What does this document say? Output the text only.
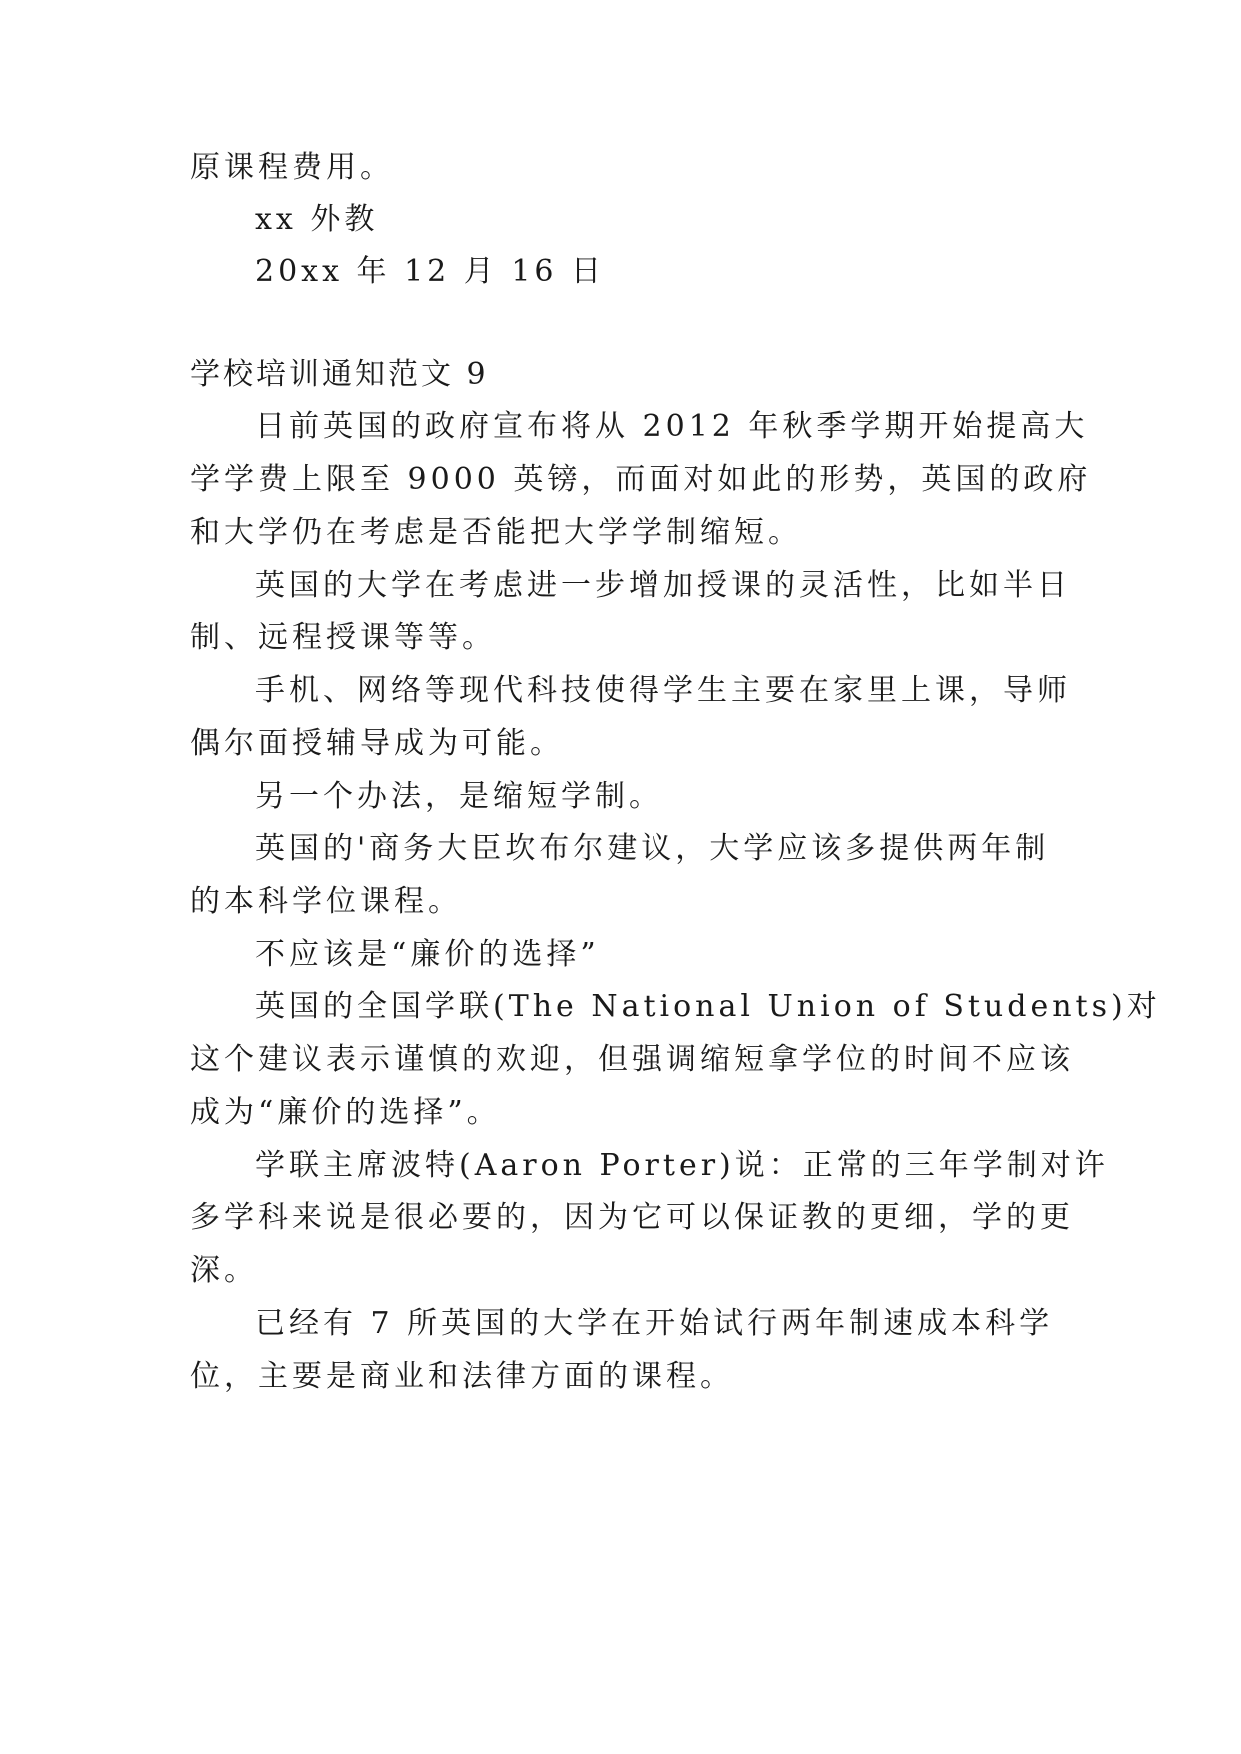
原课程费用。
xx 外教
20xx 年 12 月 16 日
学校培训通知范文 9
日前英国的政府宣布将从 2012 年秋季学期开始提高大
学学费上限至 9000 英镑，而面对如此的形势，英国的政府
和大学仍在考虑是否能把大学学制缩短。
英国的大学在考虑进一步增加授课的灵活性，比如半日
制、远程授课等等。
手机、网络等现代科技使得学生主要在家里上课，导师
偶尔面授辅导成为可能。
另一个办法，是缩短学制。
英国的'商务大臣坎布尔建议，大学应该多提供两年制
的本科学位课程。
不应该是“廉价的选择”
英国的全国学联(The National Union of Students)对
这个建议表示谨慎的欢迎，但强调缩短拿学位的时间不应该
成为“廉价的选择”。
学联主席波特(Aaron Porter)说：正常的三年学制对许
多学科来说是很必要的，因为它可以保证教的更细，学的更
深。
已经有 7 所英国的大学在开始试行两年制速成本科学
位，主要是商业和法律方面的课程。
